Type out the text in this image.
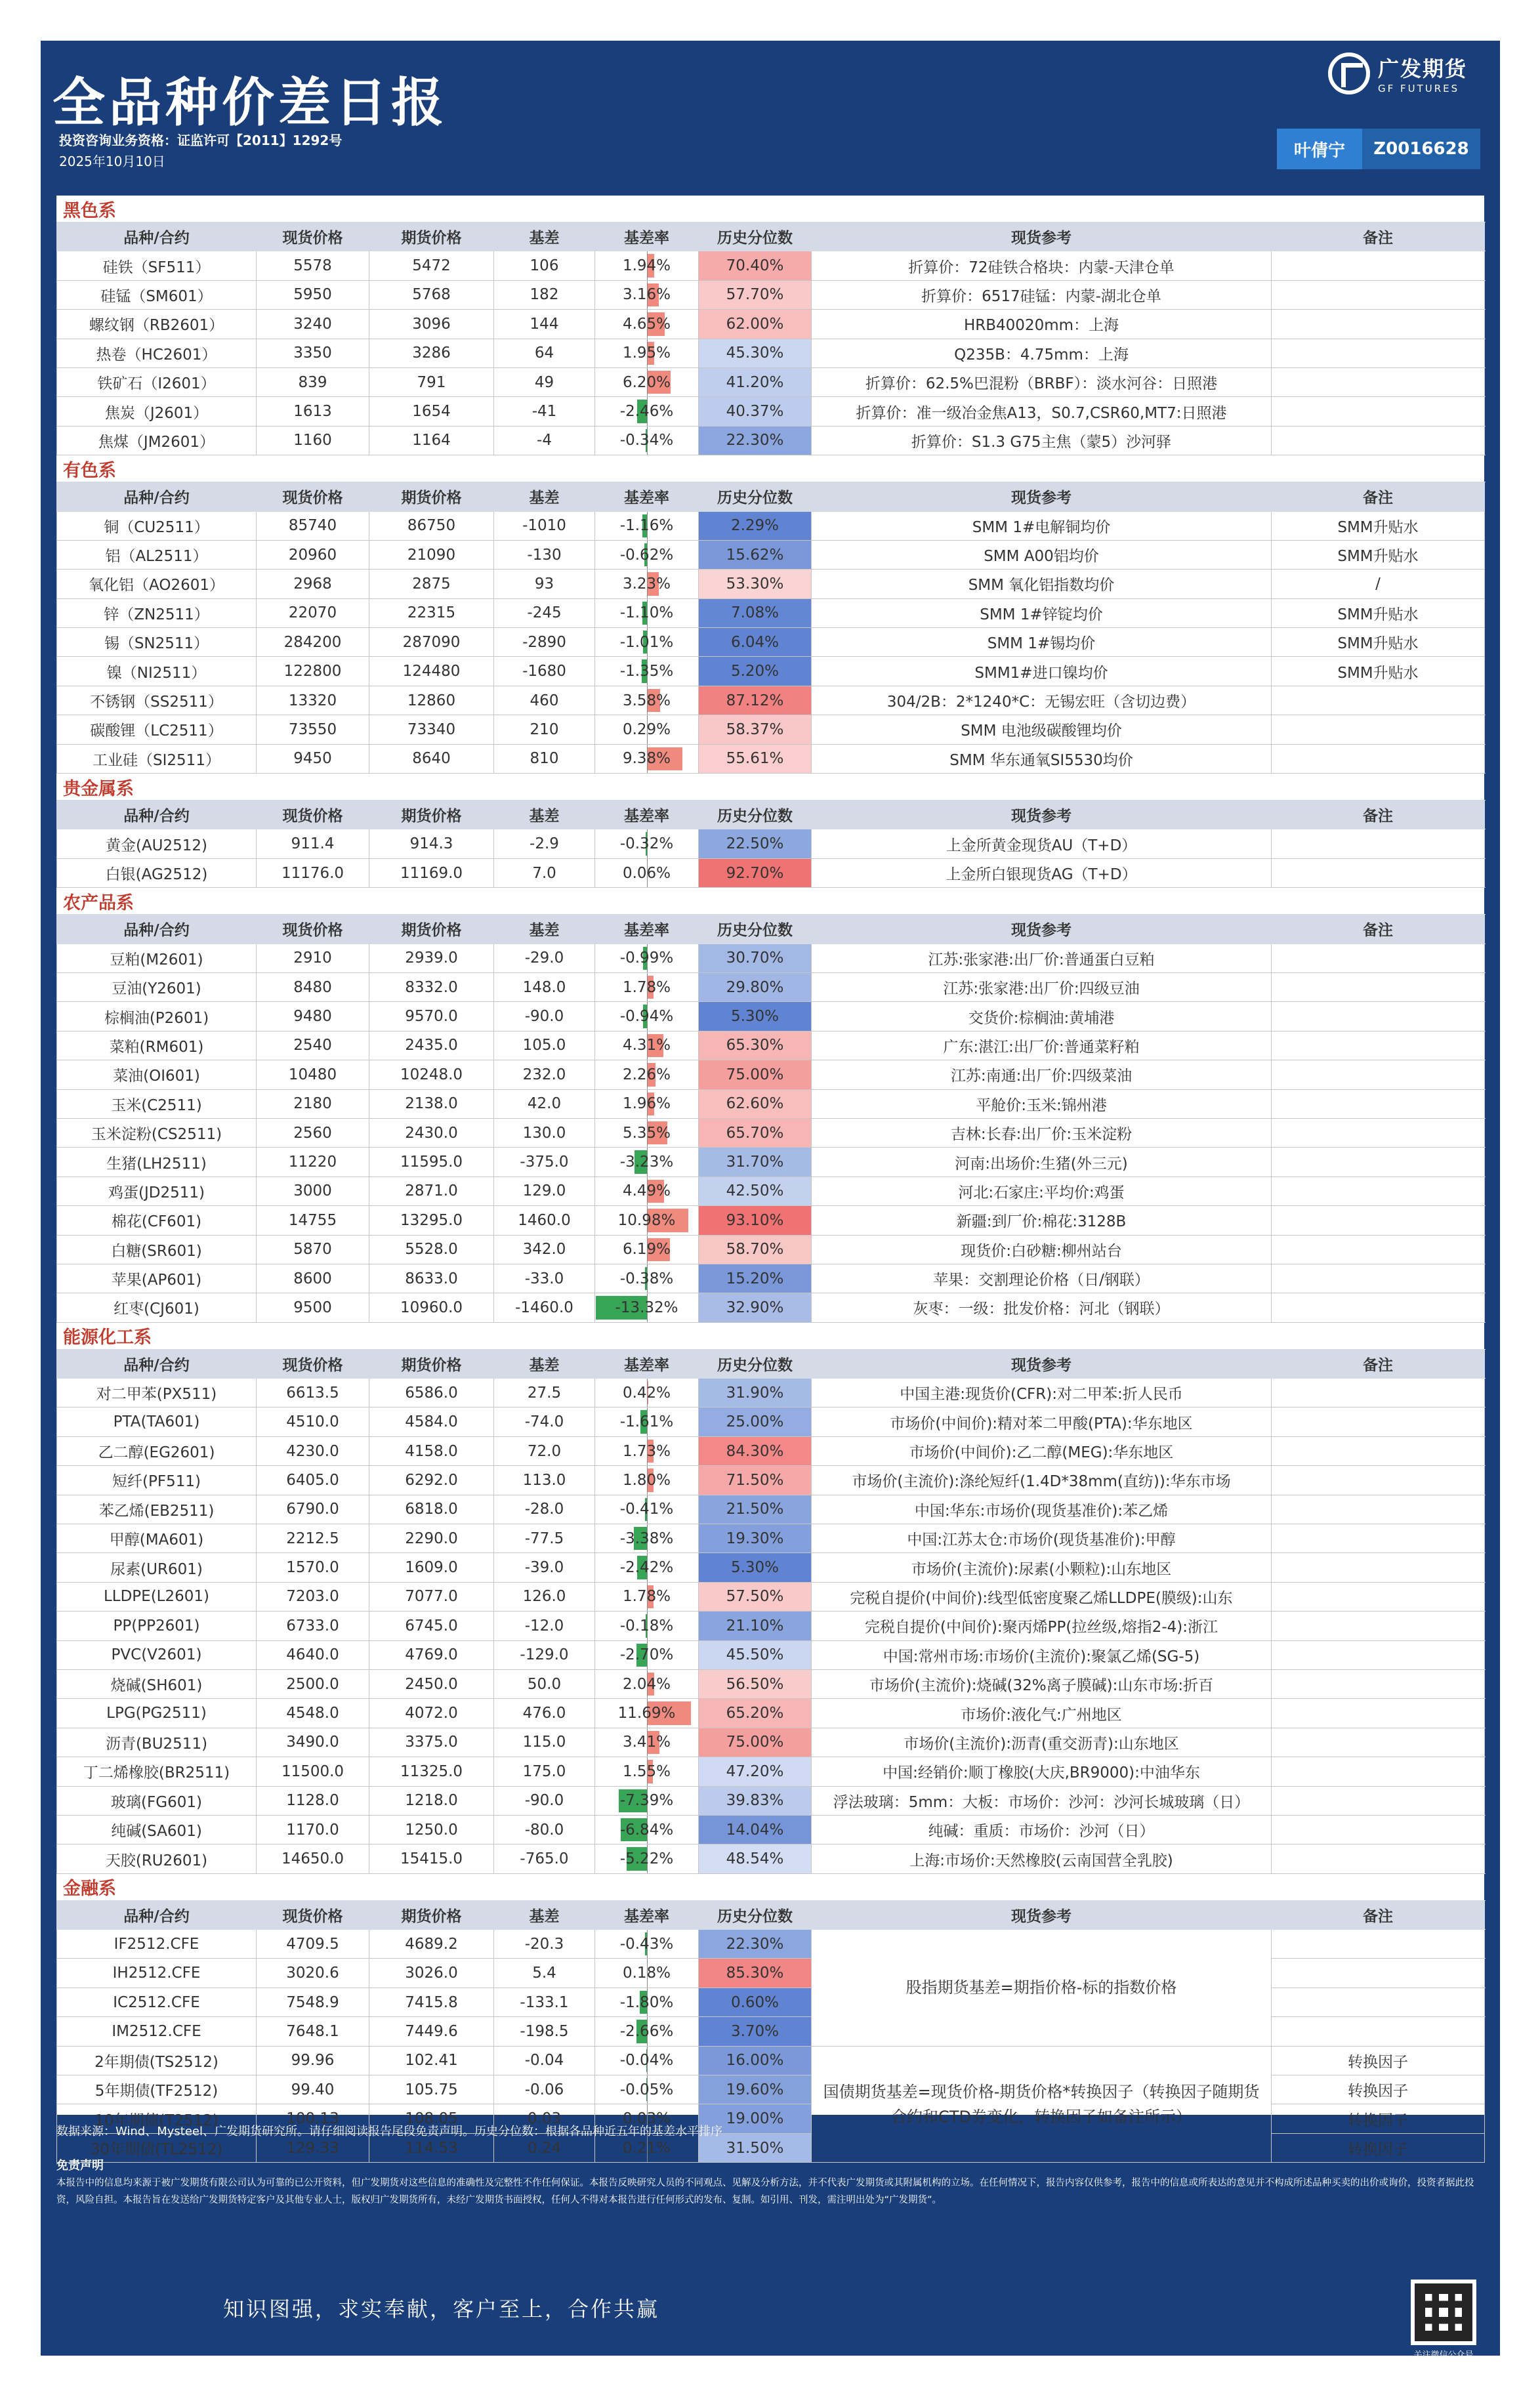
全品种价差日报
投资咨询业务资格：证监许可【2011】1292号
2025年10月10日
广发期货
GF FUTURES
叶倩宁	Z0016628
黑色系
品种/合约	现货价格	期货价格	基差	基差率	历史分位数	现货参考	备注
硅铁（SF511）	5578	5472	106	1.94%	70.40%	折算价：72硅铁合格块：内蒙-天津仓单	
硅锰（SM601）	5950	5768	182	3.16%	57.70%	折算价：6517硅锰：内蒙-湖北仓单	
螺纹钢（RB2601）	3240	3096	144	4.65%	62.00%	HRB40020mm：上海	
热卷（HC2601）	3350	3286	64	1.95%	45.30%	Q235B：4.75mm：上海	
铁矿石（I2601）	839	791	49	6.20%	41.20%	折算价：62.5%巴混粉（BRBF）：淡水河谷：日照港	
焦炭（J2601）	1613	1654	-41	-2.46%	40.37%	折算价：准一级冶金焦A13，S0.7,CSR60,MT7:日照港	
焦煤（JM2601）	1160	1164	-4	-0.34%	22.30%	折算价：S1.3 G75主焦（蒙5）沙河驿	
有色系
品种/合约	现货价格	期货价格	基差	基差率	历史分位数	现货参考	备注	
铜（CU2511）	85740	86750	-1010	-1.16%	2.29%	SMM 1#电解铜均价	SMM升贴水	
铝（AL2511）	20960	21090	-130	-0.62%	15.62%	SMM A00铝均价	SMM升贴水	
氧化铝（AO2601）	2968	2875	93	3.23%	53.30%	SMM 氧化铝指数均价	/	
锌（ZN2511）	22070	22315	-245	-1.10%	7.08%	SMM 1#锌锭均价	SMM升贴水	
锡（SN2511）	284200	287090	-2890	-1.01%	6.04%	SMM 1#锡均价	SMM升贴水	
镍（NI2511）	122800	124480	-1680	-1.35%	5.20%	SMM1#进口镍均价	SMM升贴水	
不锈钢（SS2511）	13320	12860	460	3.58%	87.12%	304/2B：2*1240*C：无锡宏旺（含切边费）		
碳酸锂（LC2511）	73550	73340	210	0.29%	58.37%	SMM 电池级碳酸锂均价		
工业硅（SI2511）	9450	8640	810	9.38%	55.61%	SMM 华东通氧SI5530均价		
贵金属系
品种/合约	现货价格	期货价格	基差	基差率	历史分位数	现货参考	备注
黄金(AU2512)	911.4	914.3	-2.9	-0.32%	22.50%	上金所黄金现货AU（T+D）	
白银(AG2512)	11176.0	11169.0	7.0	0.06%	92.70%	上金所白银现货AG（T+D）	
农产品系
品种/合约	现货价格	期货价格	基差	基差率	历史分位数	现货参考	备注
豆粕(M2601)	2910	2939.0	-29.0	-0.99%	30.70%	江苏:张家港:出厂价:普通蛋白豆粕	
豆油(Y2601)	8480	8332.0	148.0	1.78%	29.80%	江苏:张家港:出厂价:四级豆油	
棕榈油(P2601)	9480	9570.0	-90.0	-0.94%	5.30%	交货价:棕榈油:黄埔港	
菜粕(RM601)	2540	2435.0	105.0	4.31%	65.30%	广东:湛江:出厂价:普通菜籽粕	
菜油(OI601)	10480	10248.0	232.0	2.26%	75.00%	江苏:南通:出厂价:四级菜油	
玉米(C2511)	2180	2138.0	42.0	1.96%	62.60%	平舱价:玉米:锦州港	
玉米淀粉(CS2511)	2560	2430.0	130.0	5.35%	65.70%	吉林:长春:出厂价:玉米淀粉	
生猪(LH2511)	11220	11595.0	-375.0	-3.23%	31.70%	河南:出场价:生猪(外三元)	
鸡蛋(JD2511)	3000	2871.0	129.0	4.49%	42.50%	河北:石家庄:平均价:鸡蛋	
棉花(CF601)	14755	13295.0	1460.0	10.98%	93.10%	新疆:到厂价:棉花:3128B	
白糖(SR601)	5870	5528.0	342.0	6.19%	58.70%	现货价:白砂糖:柳州站台	
苹果(AP601)	8600	8633.0	-33.0	-0.38%	15.20%	苹果：交割理论价格（日/钢联）	
红枣(CJ601)	9500	10960.0	-1460.0	-13.32%	32.90%	灰枣：一级：批发价格：河北（钢联）	
能源化工系
品种/合约	现货价格	期货价格	基差	基差率	历史分位数	现货参考	备注
对二甲苯(PX511)	6613.5	6586.0	27.5	0.42%	31.90%	中国主港:现货价(CFR):对二甲苯:折人民币	
PTA(TA601)	4510.0	4584.0	-74.0	-1.61%	25.00%	市场价(中间价):精对苯二甲酸(PTA):华东地区	
乙二醇(EG2601)	4230.0	4158.0	72.0	1.73%	84.30%	市场价(中间价):乙二醇(MEG):华东地区	
短纤(PF511)	6405.0	6292.0	113.0	1.80%	71.50%	市场价(主流价):涤纶短纤(1.4D*38mm(直纺)):华东市场	
苯乙烯(EB2511)	6790.0	6818.0	-28.0	-0.41%	21.50%	中国:华东:市场价(现货基准价):苯乙烯	
甲醇(MA601)	2212.5	2290.0	-77.5	-3.38%	19.30%	中国:江苏太仓:市场价(现货基准价):甲醇	
尿素(UR601)	1570.0	1609.0	-39.0	-2.42%	5.30%	市场价(主流价):尿素(小颗粒):山东地区	
LLDPE(L2601)	7203.0	7077.0	126.0	1.78%	57.50%	完税自提价(中间价):线型低密度聚乙烯LLDPE(膜级):山东	
PP(PP2601)	6733.0	6745.0	-12.0	-0.18%	21.10%	完税自提价(中间价):聚丙烯PP(拉丝级,熔指2-4):浙江	
PVC(V2601)	4640.0	4769.0	-129.0	-2.70%	45.50%	中国:常州市场:市场价(主流价):聚氯乙烯(SG-5)	
烧碱(SH601)	2500.0	2450.0	50.0	2.04%	56.50%	市场价(主流价):烧碱(32%离子膜碱):山东市场:折百	
LPG(PG2511)	4548.0	4072.0	476.0	11.69%	65.20%	市场价:液化气:广州地区	
沥青(BU2511)	3490.0	3375.0	115.0	3.41%	75.00%	市场价(主流价):沥青(重交沥青):山东地区	
丁二烯橡胶(BR2511)	11500.0	11325.0	175.0	1.55%	47.20%	中国:经销价:顺丁橡胶(大庆,BR9000):中油华东	
玻璃(FG601)	1128.0	1218.0	-90.0	-7.39%	39.83%	浮法玻璃：5mm：大板：市场价：沙河：沙河长城玻璃（日）	
纯碱(SA601)	1170.0	1250.0	-80.0	-6.84%	14.04%	纯碱：重质：市场价：沙河（日）	
天胶(RU2601)	14650.0	15415.0	-765.0	-5.22%	48.54%	上海:市场价:天然橡胶(云南国营全乳胶)	
金融系
品种/合约	现货价格	期货价格	基差	基差率	历史分位数	现货参考	备注	
IF2512.CFE	4709.5	4689.2	-20.3	-0.43%	22.30%	股指期货基差=期指价格-标的指数价格		
IH2512.CFE	3020.6	3026.0	5.4	0.18%	85.30%			
IC2512.CFE	7548.9	7415.8	-133.1	-1.80%	0.60%			
IM2512.CFE	7648.1	7449.6	-198.5	-2.66%	3.70%			
2年期债(TS2512)	99.96	102.41	-0.04	-0.04%	16.00%	国债期货基差=现货价格-期货价格*转换因子（转换因子随期货合约和CTD券变化，转换因子如备注所示）	转换因子	
5年期债(TF2512)	99.40	105.75	-0.06	-0.05%	19.60%		转换因子	
10年期债(T2512)	100.13	108.05	0.03	0.03%	19.00%		转换因子	
30年期债(TL2512)	129.33	114.53	0.24	0.21%	31.50%		转换因子	
数据来源：Wind、Mysteel、广发期货研究所。请仔细阅读报告尾段免责声明。历史分位数：根据各品种近五年的基差水平排序
免责声明
本报告中的信息均来源于被广发期货有限公司认为可靠的已公开资料，但广发期货对这些信息的准确性及完整性不作任何保证。本报告反映研究人员的不同观点、见解及分析方法，并不代表广发期货或其附属机构的立场。在任何情况下，报告内容仅供参考，报告中的信息或所表达的意见并不构成所述品种买卖的出价或询价，投资者据此投资，风险自担。本报告旨在发送给广发期货特定客户及其他专业人士，版权归广发期货所有，未经广发期货书面授权，任何人不得对本报告进行任何形式的发布、复制。如引用、刊发，需注明出处为“广发期货”。
知识图强，求实奉献，客户至上，合作共赢
关注微信公众号
